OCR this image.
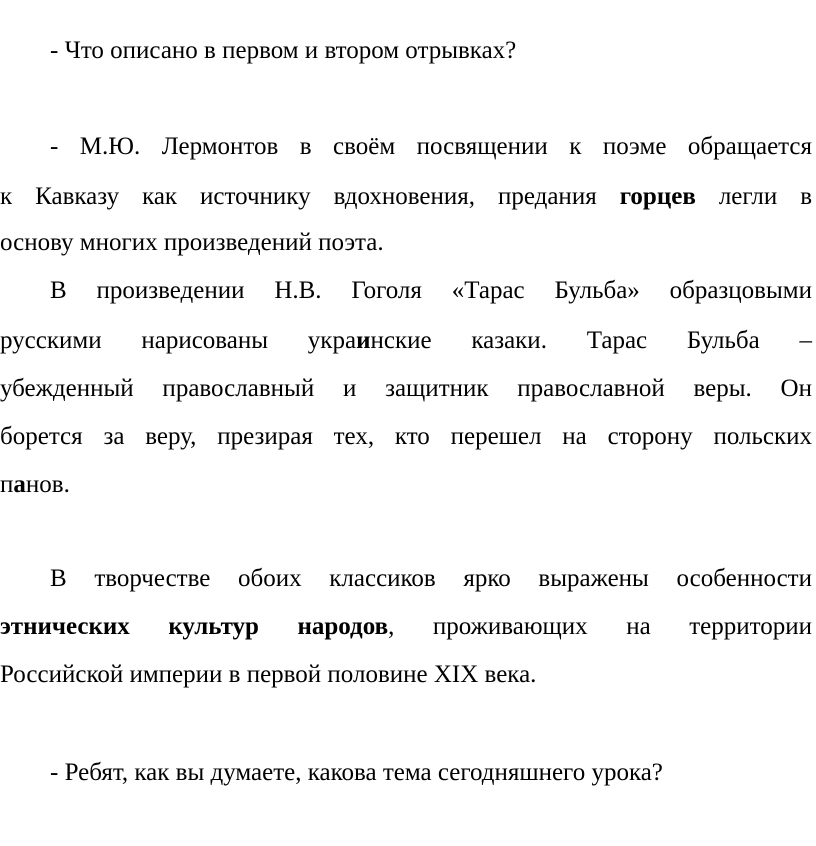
- Что описано в первом и втором отрывках?
- М.Ю. Лермонтов в своём посвящении к поэме обращается
к Кавказу как источнику вдохновения, предания горцев легли в
основу многих произведений поэта.
В произведении Н.В. Гоголя «Тарас Бульба» образцовыми
русскими нарисованы украинские казаки. Тарас Бульба –
убежденный православный и защитник православной веры. Он
борется за веру, презирая тех, кто перешел на сторону польских
панов.
В творчестве обоих классиков ярко выражены особенности
этнических культур народов, проживающих на территории
Российской империи в первой половине XIX века.
- Ребят, как вы думаете, какова тема сегодняшнего урока?
